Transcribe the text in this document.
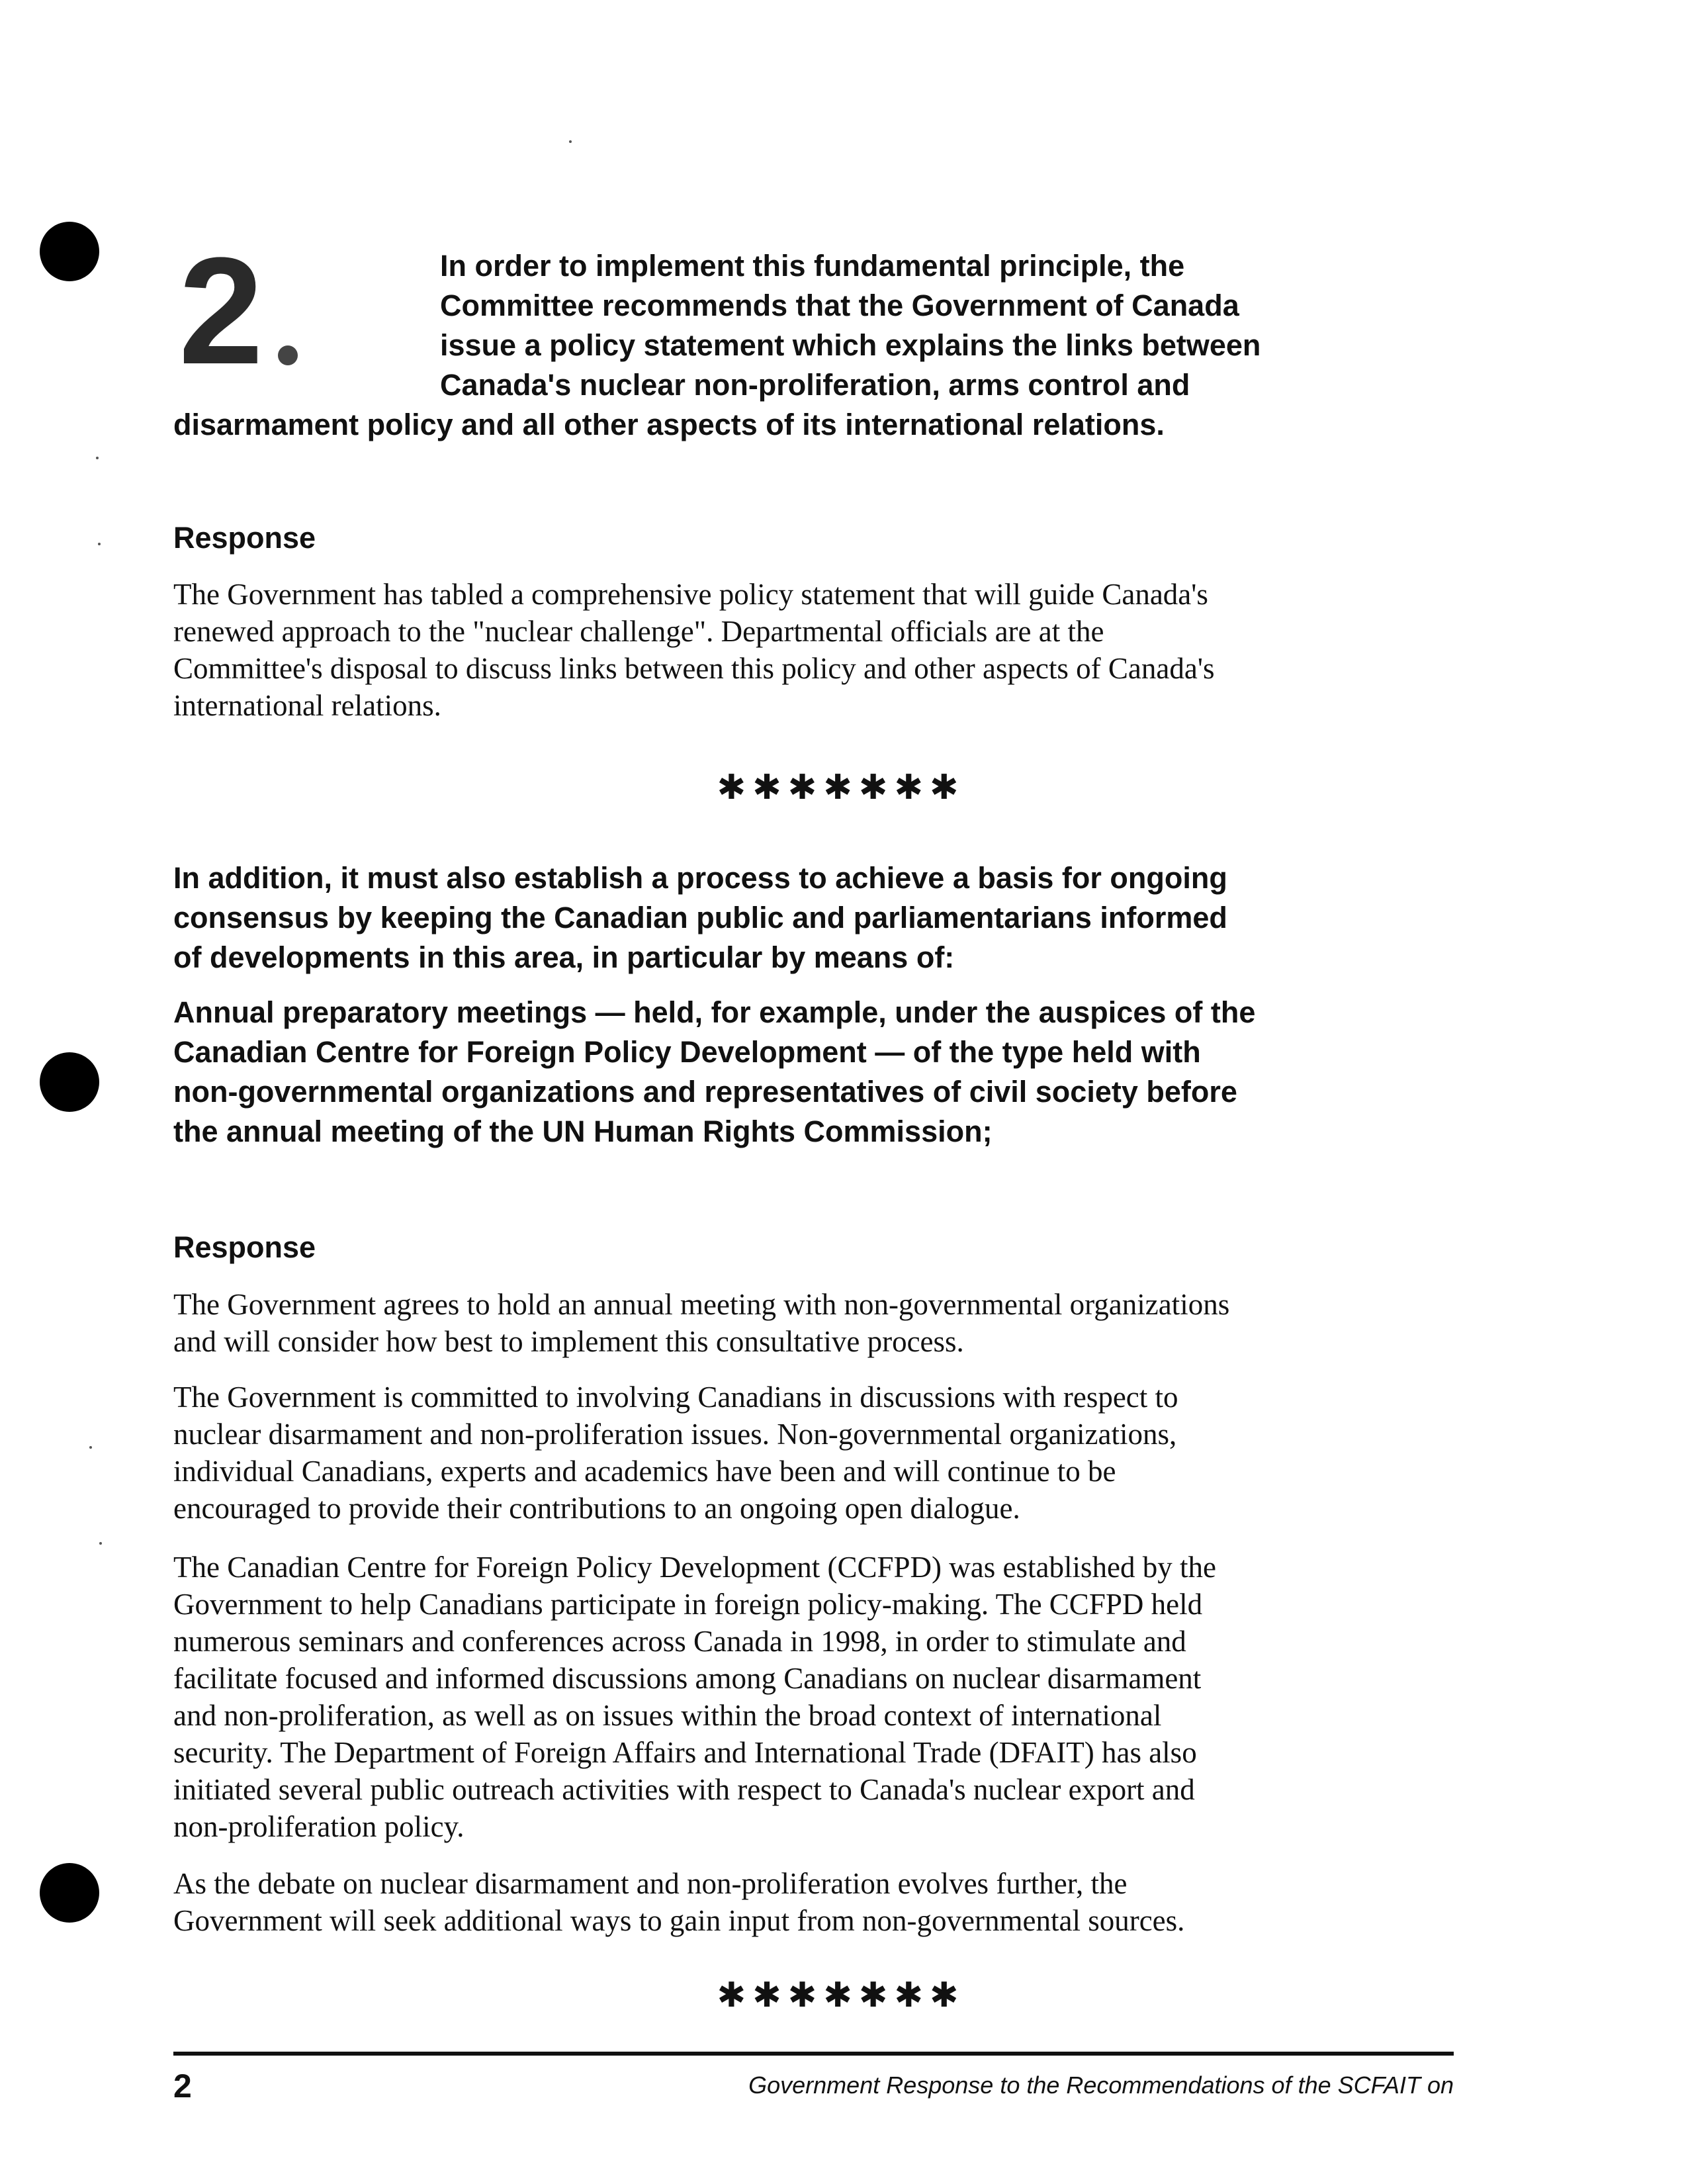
2	In order to implement this fundamental principle, the
Committee recommends that the Government of Canada
issue a policy statement which explains the links between
Canada's nuclear non-proliferation, arms control and
disarmament policy and all other aspects of its international relations.
Response
The Government has tabled a comprehensive policy statement that will guide Canada's
renewed approach to the "nuclear challenge". Departmental officials are at the
Committee's disposal to discuss links between this policy and other aspects of Canada's
international relations.
✱✱✱✱✱✱✱
In addition, it must also establish a process to achieve a basis for ongoing
consensus by keeping the Canadian public and parliamentarians informed
of developments in this area, in particular by means of:
Annual preparatory meetings — held, for example, under the auspices of the
Canadian Centre for Foreign Policy Development — of the type held with
non-governmental organizations and representatives of civil society before
the annual meeting of the UN Human Rights Commission;
Response
The Government agrees to hold an annual meeting with non-governmental organizations
and will consider how best to implement this consultative process.
The Government is committed to involving Canadians in discussions with respect to
nuclear disarmament and non-proliferation issues. Non-governmental organizations,
individual Canadians, experts and academics have been and will continue to be
encouraged to provide their contributions to an ongoing open dialogue.
The Canadian Centre for Foreign Policy Development (CCFPD) was established by the
Government to help Canadians participate in foreign policy-making. The CCFPD held
numerous seminars and conferences across Canada in 1998, in order to stimulate and
facilitate focused and informed discussions among Canadians on nuclear disarmament
and non-proliferation, as well as on issues within the broad context of international
security. The Department of Foreign Affairs and International Trade (DFAIT) has also
initiated several public outreach activities with respect to Canada's nuclear export and
non-proliferation policy.
As the debate on nuclear disarmament and non-proliferation evolves further, the
Government will seek additional ways to gain input from non-governmental sources.
✱✱✱✱✱✱✱
2	Government Response to the Recommendations of the SCFAIT on
